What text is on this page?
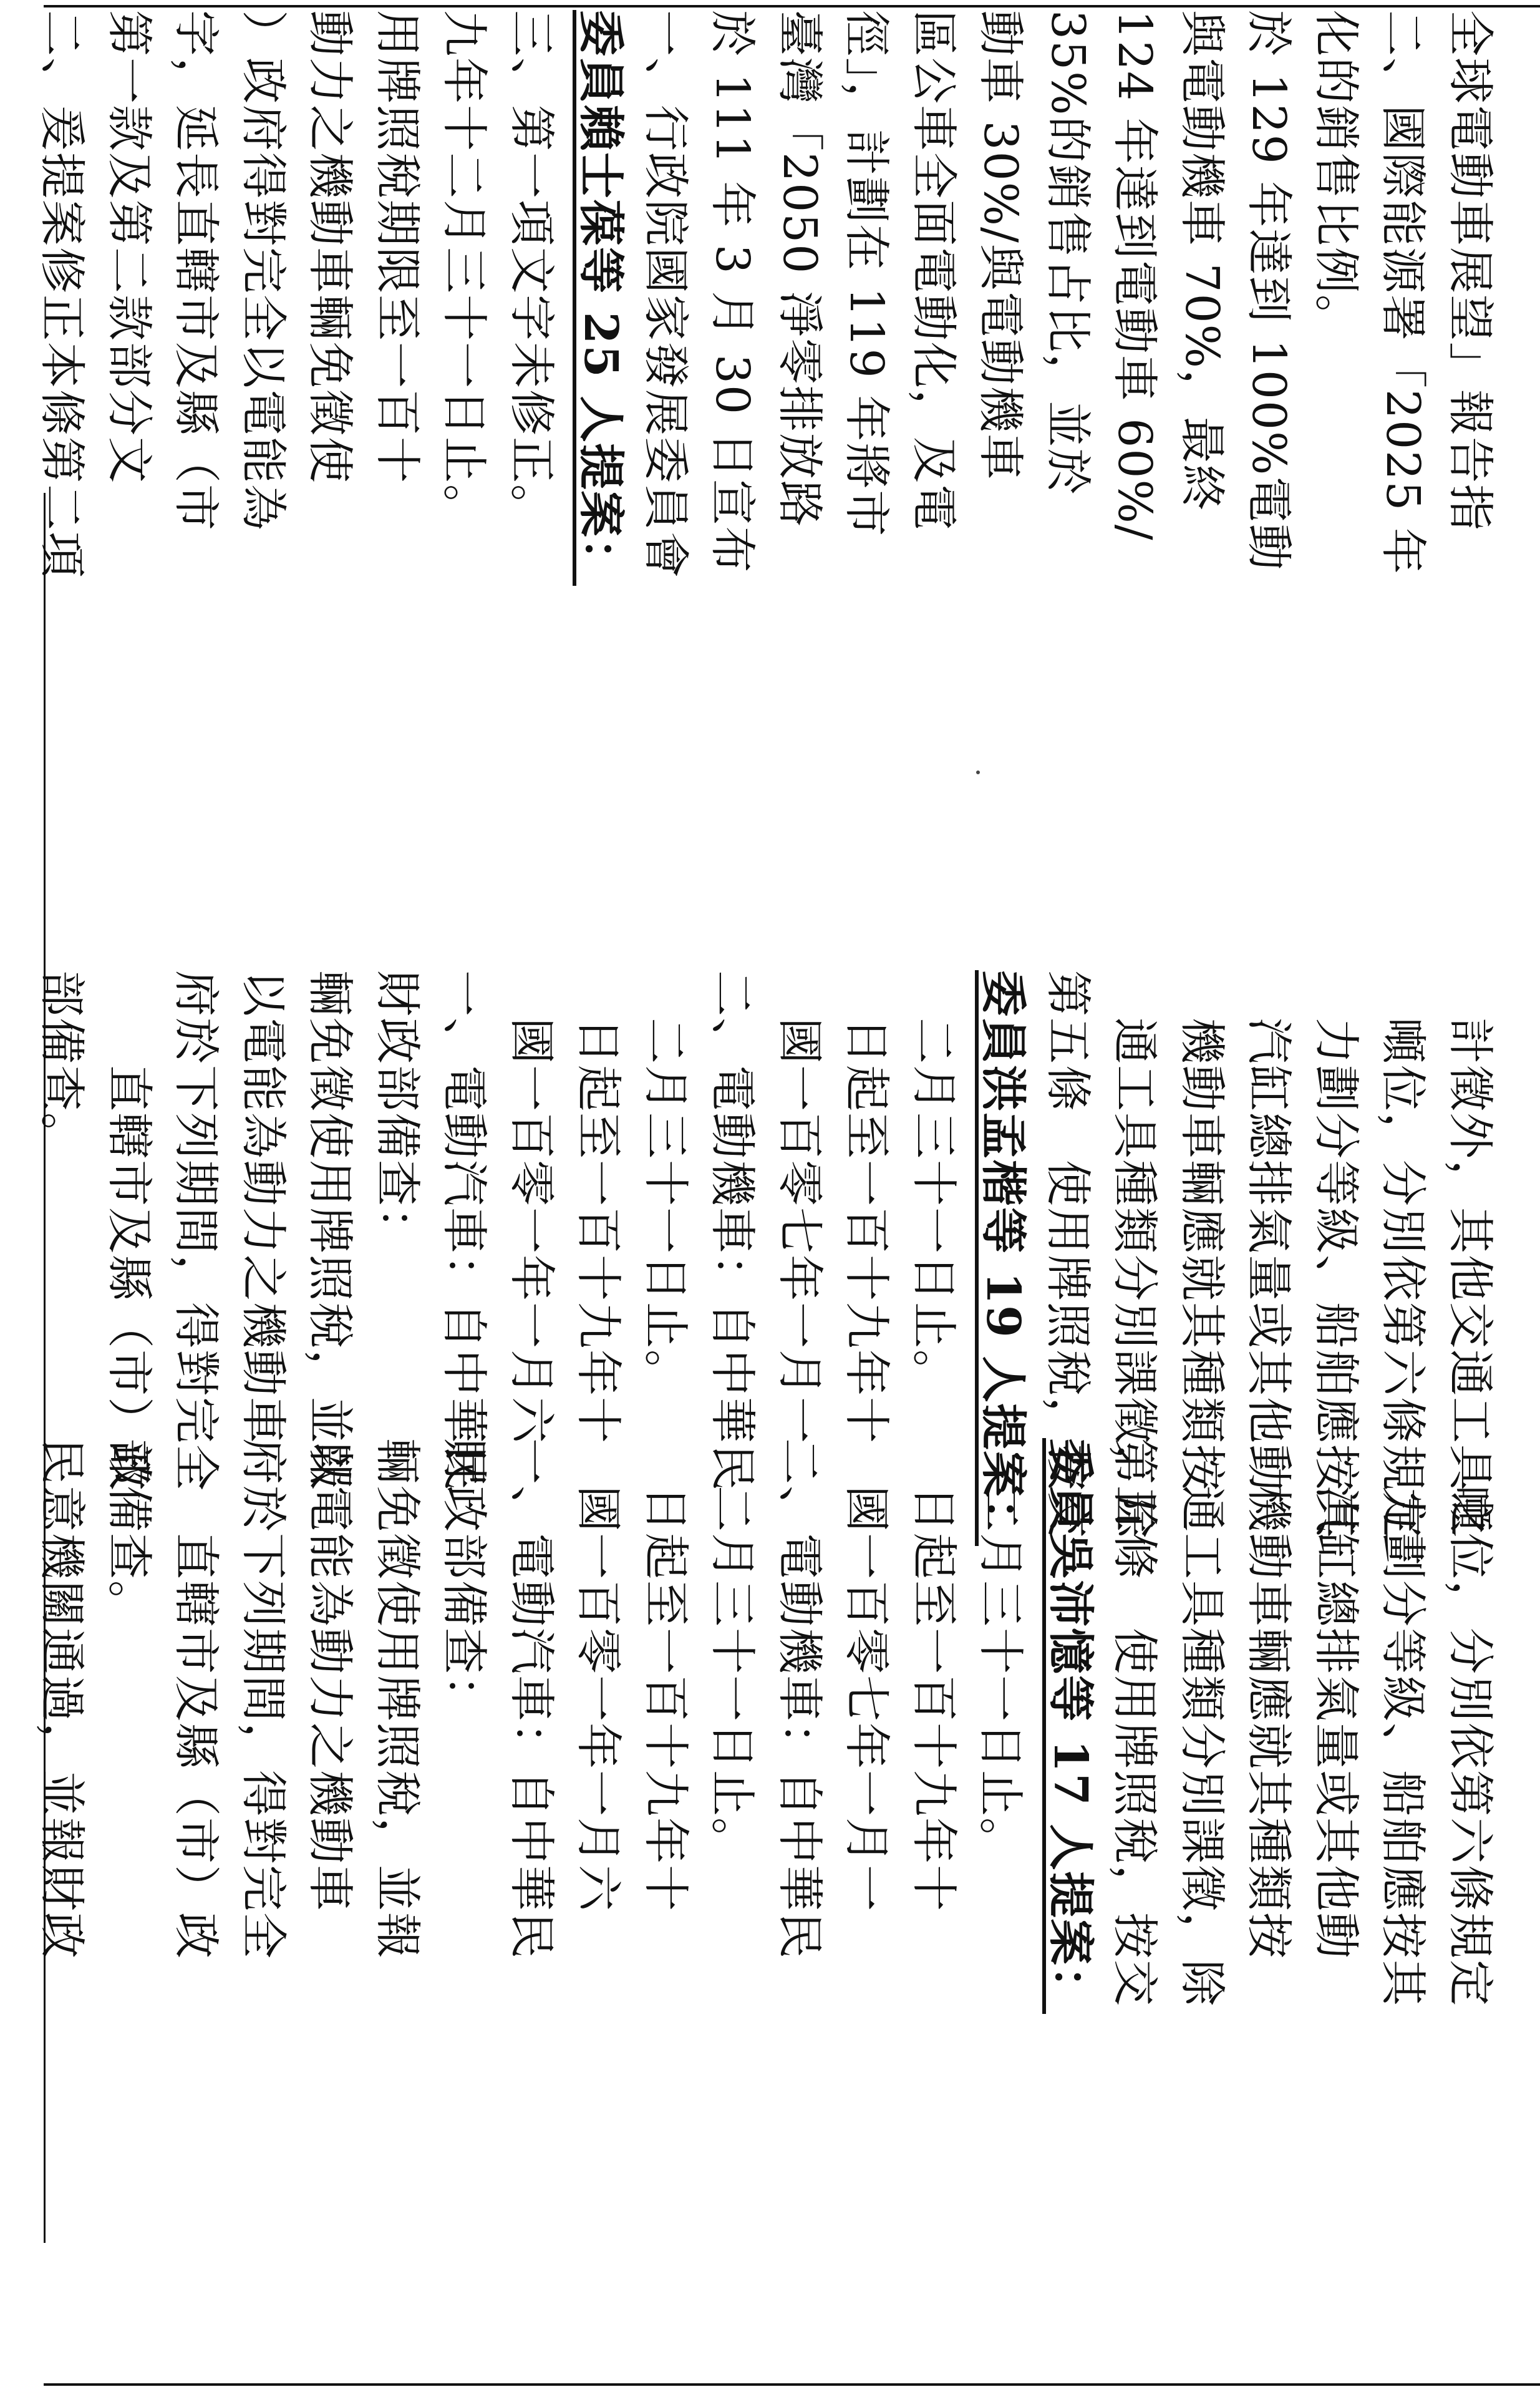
二、爰提案修正本條第二項 第一款及第二款部分文 字，延長直轄市及縣（市 ）政府得對完全以電能為 動力之機動車輛免徵使 用牌照稅期限至一百十 九年十二月三十一日止。 三、第一項文字未修正。 委員賴士葆等 25 人提案： 一、行政院國家發展委員會 於 111 年 3 月 30 日宣布 臺灣「2050 淨零排放路 徑」，計劃在 119 年將市 區公車全面電動化，及電 動車 30%/與電動機車 35%的銷售占比，並於 124 年達到電動車 60%/ 與電動機車 70%，最終 於 129 年達到 100%電動 化的銷售比例。 二、國際能源署「2025 年 全球電動車展望」報告指
部備查。 　　直轄市及縣（市）政 府於下列期間，得對完全 以電能為動力之機動車 輛免徵使用牌照稅，並報 財政部備查： 一、電動汽車：自中華民 　國一百零一年一月六 　日起至一百十九年十 　二月三十一日止。 二、電動機車：自中華民 　國一百零七年一月一 　日起至一百十九年十 　二月三十一日止。 委員洪孟楷等 19 人提案： 第五條　使用牌照稅，按交 　通工具種類分別課徵，除 　機動車輛應就其種類按 　汽缸總排氣量或其他動 　力劃分等級、船舶應按其 　噸位，分別依第六條規定 　計徵外，其他交通工具之
民意機關通過，並報財政 部備查。 　　直轄市及縣（市）政 府於下列期間，得對完全 以電能為動力之機動車 輛免徵使用牌照稅，並報 財政部備查： 一、電動汽車：自中華民 　國一百零一年一月六 　日起至一百十九年十 　二月三十一日止。 二、電動機車：自中華民 　國一百零七年一月一 　日起至一百十九年十 　二月三十一日止。 委員吳沛憶等 17 人提案： 第五條　使用牌照稅，按交 　通工具種類分別課徵，除 　機動車輛應就其種類按 　汽缸總排氣量或其他動 　力劃分等級、船舶應按其 　噸位，分別依第六條規定
